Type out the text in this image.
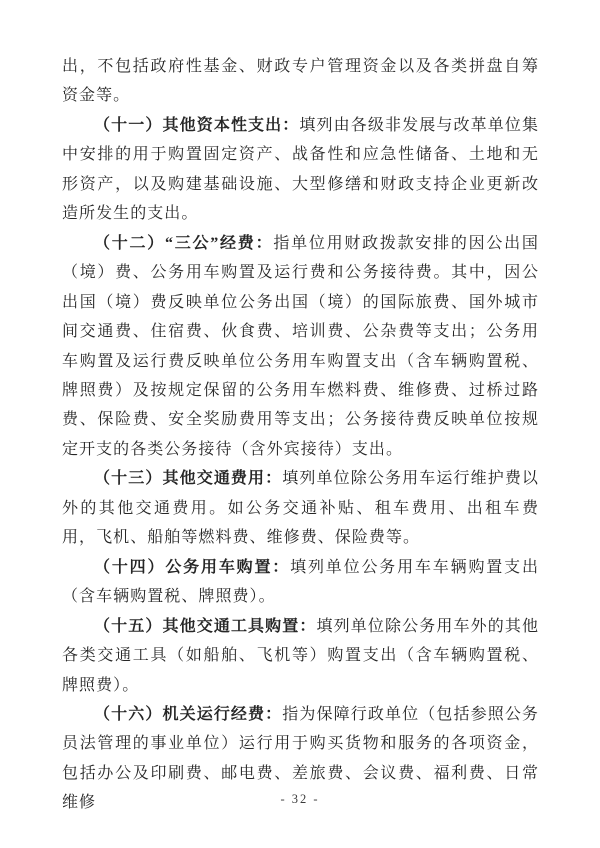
出，不包括政府性基金、财政专户管理资金以及各类拼盘自筹资金等。

（十一）其他资本性支出：填列由各级非发展与改革单位集中安排的用于购置固定资产、战备性和应急性储备、土地和无形资产，以及购建基础设施、大型修缮和财政支持企业更新改造所发生的支出。

（十二）“三公”经费：指单位用财政拨款安排的因公出国（境）费、公务用车购置及运行费和公务接待费。其中，因公出国（境）费反映单位公务出国（境）的国际旅费、国外城市间交通费、住宿费、伙食费、培训费、公杂费等支出；公务用车购置及运行费反映单位公务用车购置支出（含车辆购置税、牌照费）及按规定保留的公务用车燃料费、维修费、过桥过路费、保险费、安全奖励费用等支出；公务接待费反映单位按规定开支的各类公务接待（含外宾接待）支出。

（十三）其他交通费用：填列单位除公务用车运行维护费以外的其他交通费用。如公务交通补贴、租车费用、出租车费用，飞机、船舶等燃料费、维修费、保险费等。

（十四）公务用车购置：填列单位公务用车车辆购置支出（含车辆购置税、牌照费）。

（十五）其他交通工具购置：填列单位除公务用车外的其他各类交通工具（如船舶、飞机等）购置支出（含车辆购置税、牌照费）。

（十六）机关运行经费：指为保障行政单位（包括参照公务员法管理的事业单位）运行用于购买货物和服务的各项资金，包括办公及印刷费、邮电费、差旅费、会议费、福利费、日常维修	- 32 -
